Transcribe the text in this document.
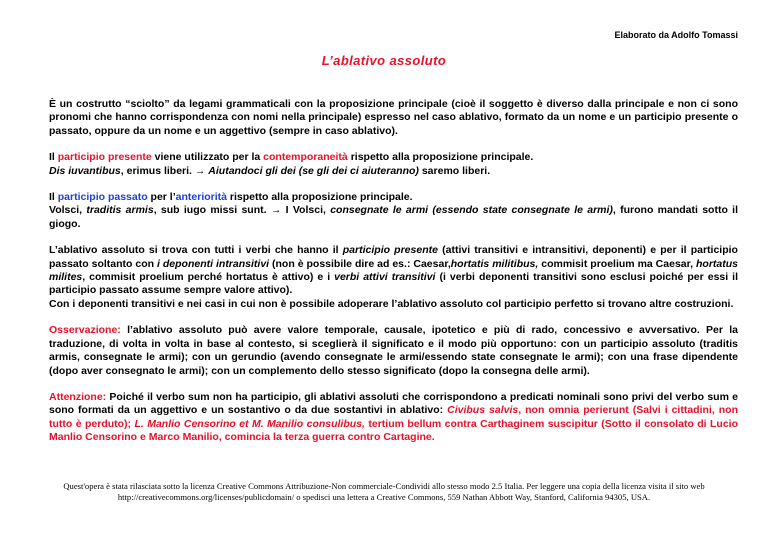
Elaborato da Adolfo Tomassi
L’ablativo assoluto

È un costrutto “sciolto” da legami grammaticali con la proposizione principale (cioè il soggetto è diverso dalla principale e non ci sono pronomi che hanno corrispondenza con nomi nella principale) espresso nel caso ablativo, formato da un nome e un participio presente o passato, oppure da un nome e un aggettivo (sempre in caso ablativo).

Il participio presente viene utilizzato per la contemporaneità rispetto alla proposizione principale.
Dis iuvantibus, erimus liberi. → Aiutandoci gli dei (se gli dei ci aiuteranno) saremo liberi.

Il participio passato per l’anteriorità rispetto alla proposizione principale.
Volsci, traditis armis, sub iugo missi sunt. → I Volsci, consegnate le armi (essendo state consegnate le armi), furono mandati sotto il giogo.

L’ablativo assoluto si trova con tutti i verbi che hanno il participio presente (attivi transitivi e intransitivi, deponenti) e per il participio passato soltanto con i deponenti intransitivi (non è possibile dire ad es.: Caesar,hortatis militibus, commisit proelium ma Caesar, hortatus milites, commisit proelium perché hortatus è attivo) e i verbi attivi transitivi (i verbi deponenti transitivi sono esclusi poiché per essi il participio passato assume sempre valore attivo).
Con i deponenti transitivi e nei casi in cui non è possibile adoperare l’ablativo assoluto col participio perfetto si trovano altre costruzioni.

Osservazione: l’ablativo assoluto può avere valore temporale, causale, ipotetico e più di rado, concessivo e avversativo. Per la traduzione, di volta in volta in base al contesto, si sceglierà il significato e il modo più opportuno: con un participio assoluto (traditis armis, consegnate le armi); con un gerundio (avendo consegnate le armi/essendo state consegnate le armi); con una frase dipendente (dopo aver consegnato le armi); con un complemento dello stesso significato (dopo la consegna delle armi).

Attenzione: Poiché il verbo sum non ha participio, gli ablativi assoluti che corrispondono a predicati nominali sono privi del verbo sum e sono formati da un aggettivo e un sostantivo o da due sostantivi in ablativo: Civibus salvis, non omnia perierunt (Salvi i cittadini, non tutto è perduto); L. Manlio Censorino et M. Manilio consulibus, tertium bellum contra Carthaginem suscipitur (Sotto il consolato di Lucio Manlio Censorino e Marco Manilio, comincia la terza guerra contro Cartagine.

Quest'opera è stata rilasciata sotto la licenza Creative Commons Attribuzione-Non commerciale-Condividi allo stesso modo 2.5 Italia. Per leggere una copia della licenza visita il sito web
http://creativecommons.org/licenses/publicdomain/ o spedisci una lettera a Creative Commons, 559 Nathan Abbott Way, Stanford, California 94305, USA.
